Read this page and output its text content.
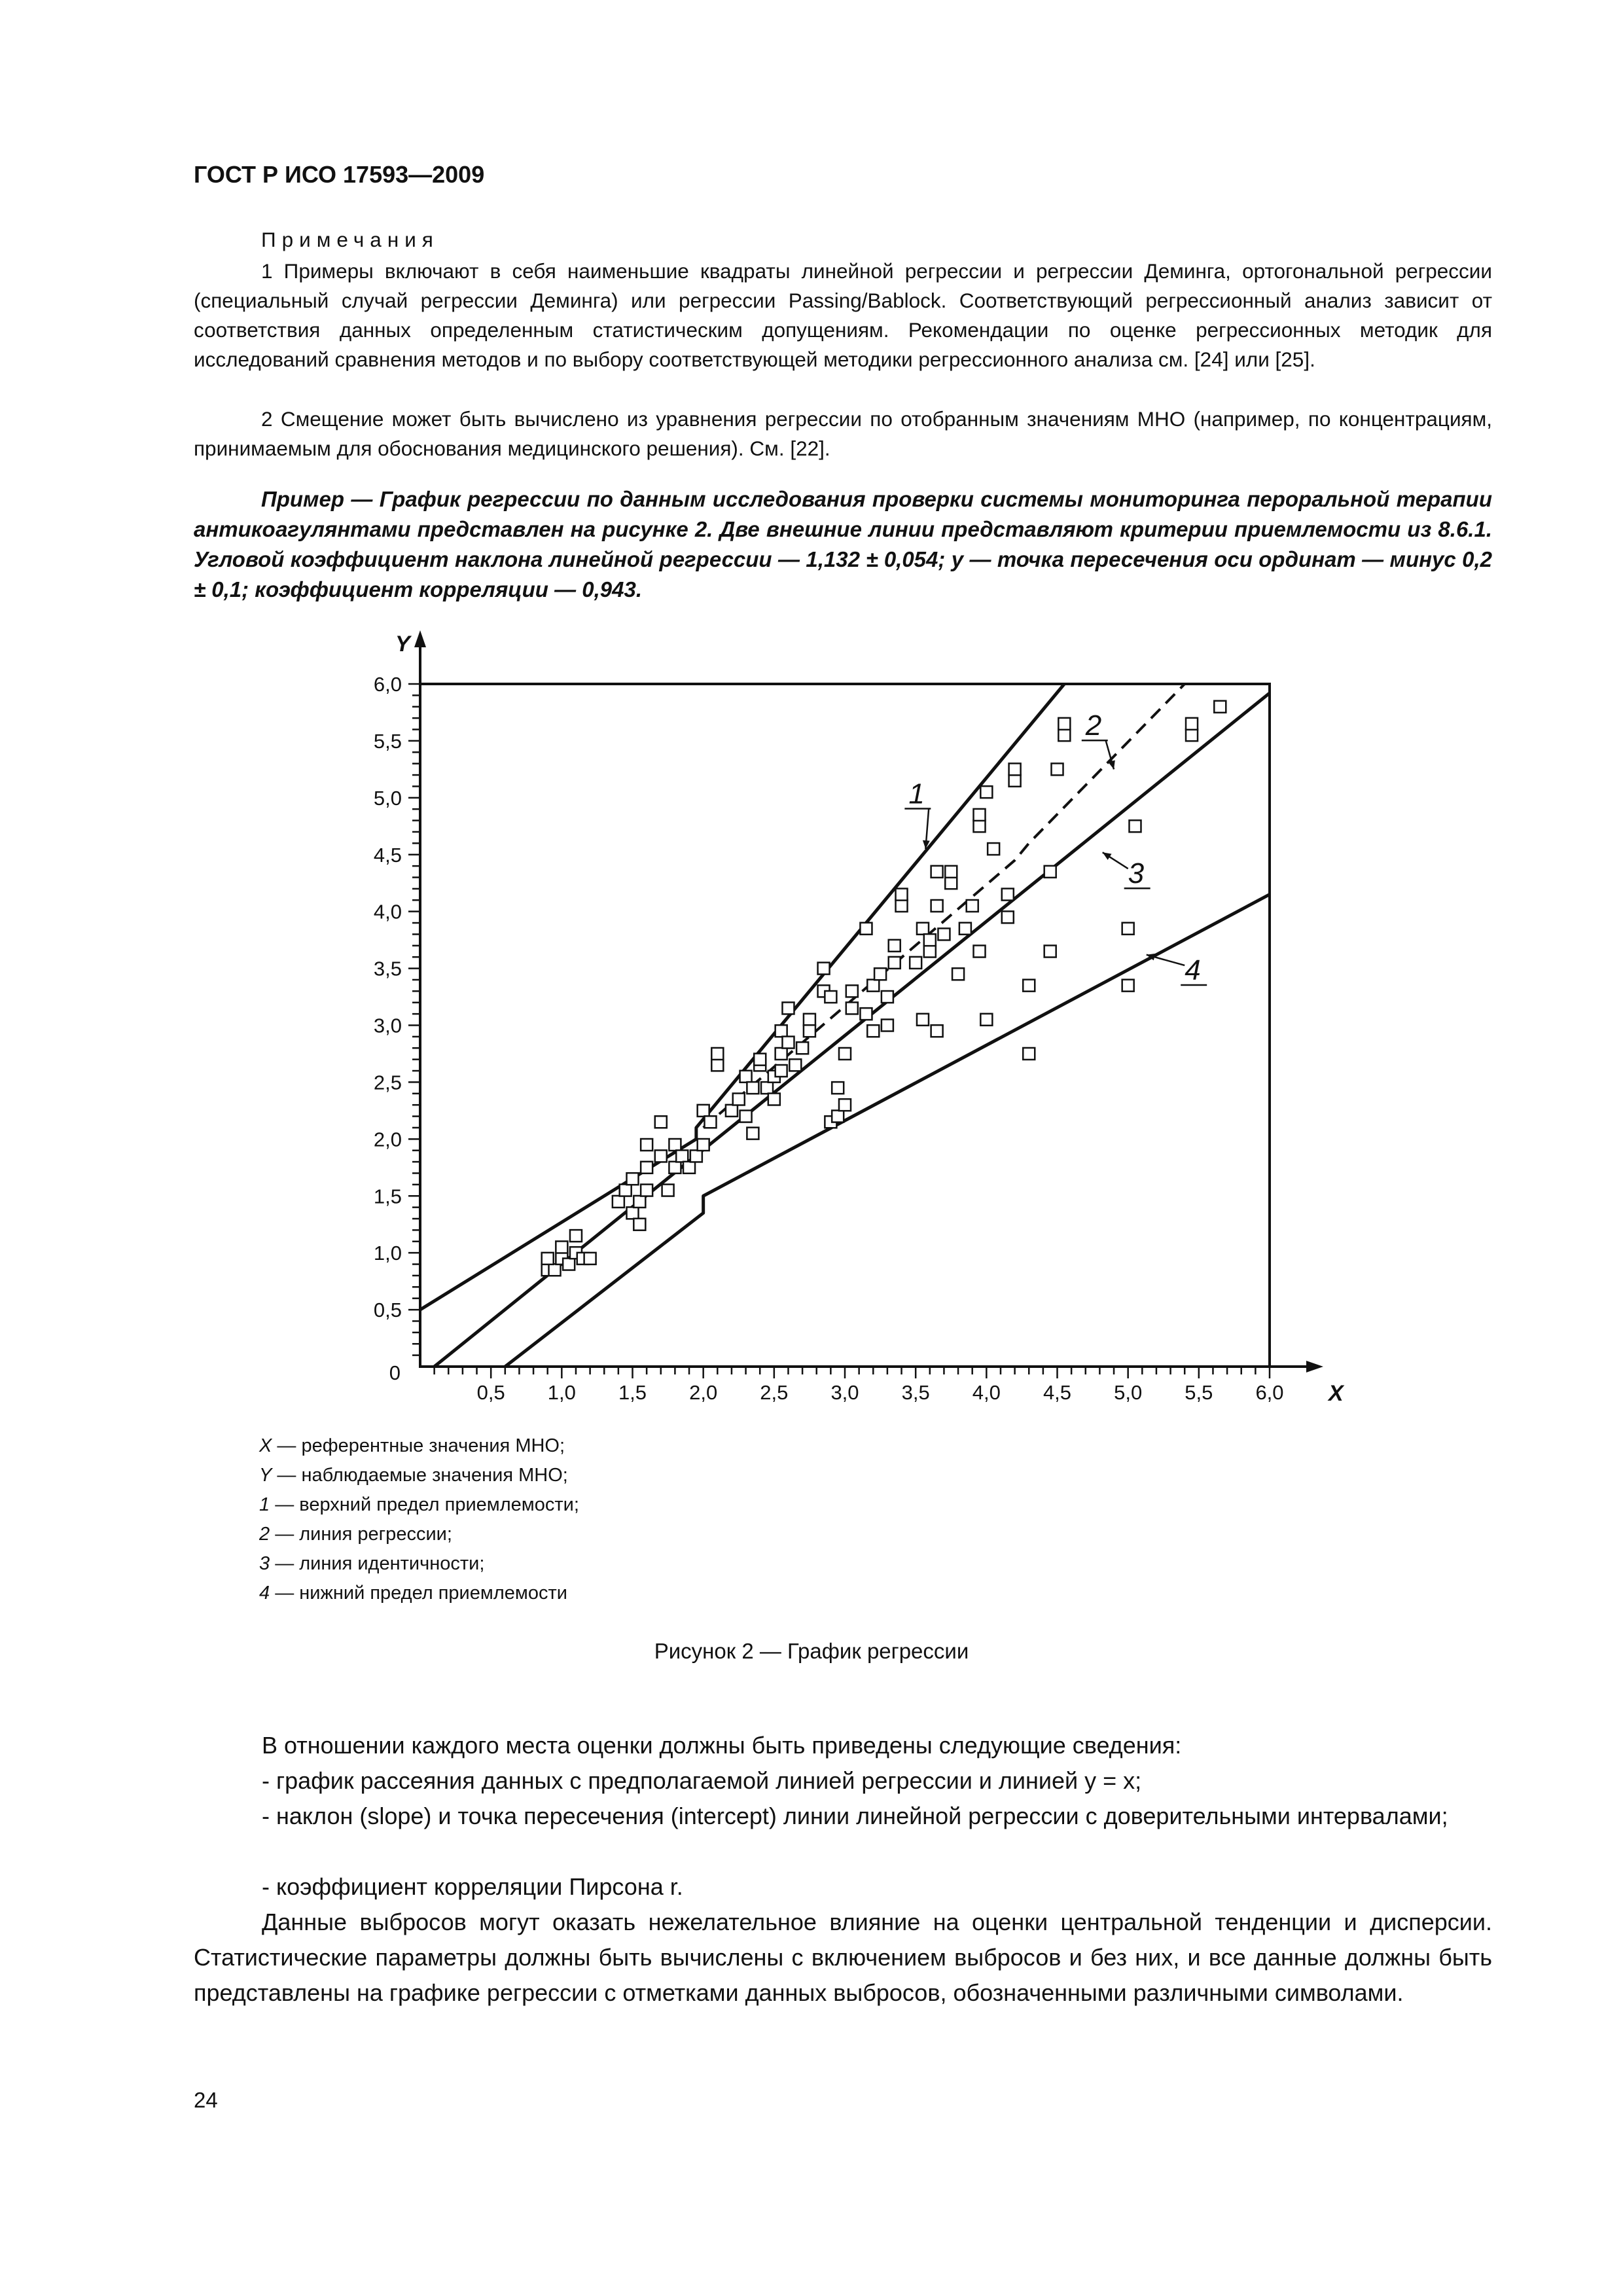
ГОСТ Р ИСО 17593—2009
Примечания
1 Примеры включают в себя наименьшие квадраты линейной регрессии и регрессии Деминга, ортогональной регрессии (специальный случай регрессии Деминга) или регрессии Passing/Bablock. Соответствующий регрессионный анализ зависит от соответствия данных определенным статистическим допущениям. Рекомендации по оценке регрессионных методик для исследований сравнения методов и по выбору соответствующей методики регрессионного анализа см. [24] или [25].
2 Смещение может быть вычислено из уравнения регрессии по отобранным значениям МНО (например, по концентрациям, принимаемым для обоснования медицинского решения). См. [22].
Пример — График регрессии по данным исследования проверки системы мониторинга пероральной терапии антикоагулянтами представлен на рисунке 2. Две внешние линии представляют критерии приемлемости из 8.6.1. Угловой коэффициент наклона линейной регрессии — 1,132 ± 0,054; y — точка пересечения оси ординат — минус 0,2 ± 0,1; коэффициент корреляции — 0,943.
0,5 1,0 1,5 2,0 2,5 3,0 3,5 4,0 4,5 5,0 5,5 6,0
0,5
1,0
1,5
2,0
2,5
3,0
3,5
4,0
4,5
5,0
5,5
6,0
0
X
Y
1
2
3
4
X — референтные значения МНО;
Y — наблюдаемые значения МНО;
1 — верхний предел приемлемости;
2 — линия регрессии;
3 — линия идентичности;
4 — нижний предел приемлемости
Рисунок 2 — График регрессии
В отношении каждого места оценки должны быть приведены следующие сведения:
- график рассеяния данных с предполагаемой линией регрессии и линией y = x;
- наклон (slope) и точка пересечения (intercept) линии линейной регрессии с доверительными интервалами;
- коэффициент корреляции Пирсона r.
Данные выбросов могут оказать нежелательное влияние на оценки центральной тенденции и дисперсии. Статистические параметры должны быть вычислены с включением выбросов и без них, и все данные должны быть представлены на графике регрессии с отметками данных выбросов, обозначенными различными символами.
24
